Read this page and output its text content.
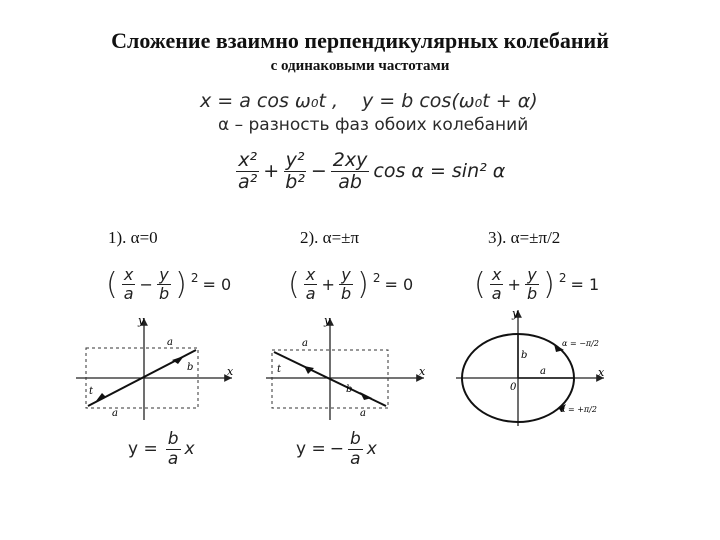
Сложение взаимно перпендикулярных колебаний
с одинаковыми частотами
x = a cos ω₀t , y = b cos(ω₀t + α)
α – разность фаз обоих колебаний
$\frac{\text{x²}}{\text{a²}} + \frac{\text{y²}}{\text{b²}} - \frac{2xy}{ab}$ cos α = sin² α
1). α=0	2). α=±π	3). α=±π/2
( $\frac{x}{a} - \frac{y}{b}$ ) 2 = 0 ( $\frac{x}{a} + \frac{y}{b}$ ) 2 = 0 ( $\frac{x}{a} + \frac{y}{b}$ ) 2 = 1
y
x
a
b
t
a
y
x
a
b
t
a
y
x
a
b
0
α = −π/2
α = +π/2
$y = \frac{b}{a}$ x	y = − $\frac{b}{a}$ x
